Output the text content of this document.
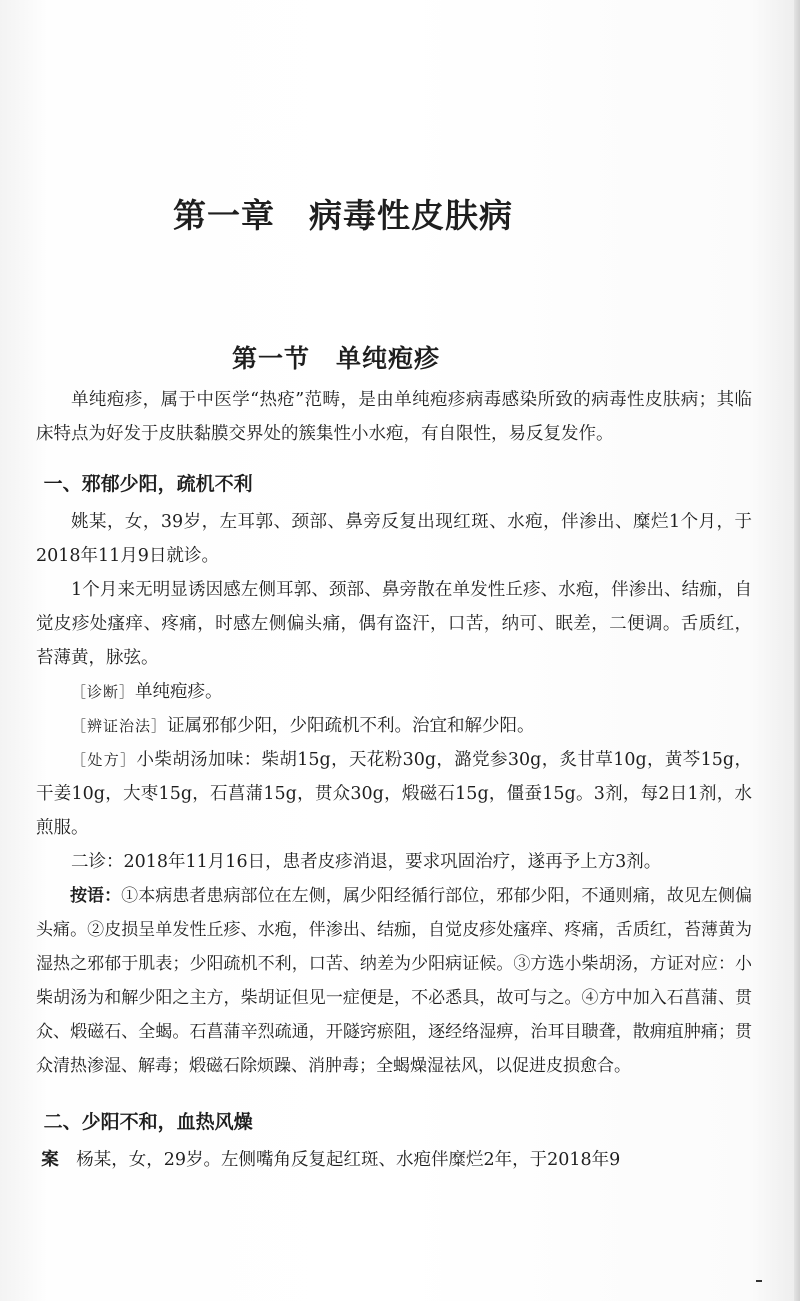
第一章　病毒性皮肤病
第一节　单纯疱疹

单纯疱疹，属于中医学“热疮”范畴，是由单纯疱疹病毒感染所致的病毒性皮肤病；其临床特点为好发于皮肤黏膜交界处的簇集性小水疱，有自限性，易反复发作。

一、邪郁少阳，疏机不利

姚某，女，39岁，左耳郭、颈部、鼻旁反复出现红斑、水疱，伴渗出、糜烂1个月，于2018年11月9日就诊。

1个月来无明显诱因感左侧耳郭、颈部、鼻旁散在单发性丘疹、水疱，伴渗出、结痂，自觉皮疹处瘙痒、疼痛，时感左侧偏头痛，偶有盗汗，口苦，纳可、眠差，二便调。舌质红，苔薄黄，脉弦。

［诊断］单纯疱疹。

［辨证治法］证属邪郁少阳，少阳疏机不利。治宜和解少阳。

［处方］小柴胡汤加味：柴胡15g，天花粉30g，潞党参30g，炙甘草10g，黄芩15g，干姜10g，大枣15g，石菖蒲15g，贯众30g，煅磁石15g，僵蚕15g。3剂，每2日1剂，水煎服。

二诊：2018年11月16日，患者皮疹消退，要求巩固治疗，遂再予上方3剂。

按语：①本病患者患病部位在左侧，属少阳经循行部位，邪郁少阳，不通则痛，故见左侧偏头痛。②皮损呈单发性丘疹、水疱，伴渗出、结痂，自觉皮疹处瘙痒、疼痛，舌质红，苔薄黄为湿热之邪郁于肌表；少阳疏机不利，口苦、纳差为少阳病证候。③方选小柴胡汤，方证对应：小柴胡汤为和解少阳之主方，柴胡证但见一症便是，不必悉具，故可与之。④方中加入石菖蒲、贯众、煅磁石、全蝎。石菖蒲辛烈疏通，开隧窍瘀阻，逐经络湿痹，治耳目聩聋，散痈疽肿痛；贯众清热渗湿、解毒；煅磁石除烦躁、消肿毒；全蝎燥湿祛风，以促进皮损愈合。

二、少阳不和，血热风燥

案　 杨某，女，29岁。左侧嘴角反复起红斑、水疱伴糜烂2年，于2018年9
